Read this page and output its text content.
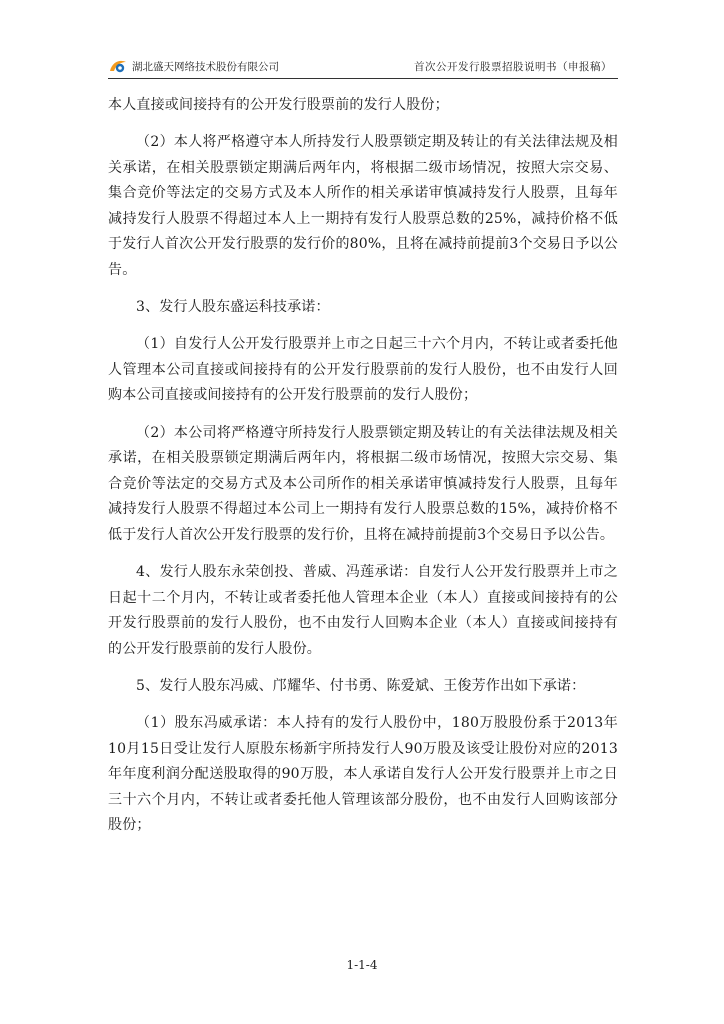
湖北盛天网络技术股份有限公司	首次公开发行股票招股说明书（申报稿）

本人直接或间接持有的公开发行股票前的发行人股份；

（2）本人将严格遵守本人所持发行人股票锁定期及转让的有关法律法规及相关承诺，在相关股票锁定期满后两年内，将根据二级市场情况，按照大宗交易、集合竞价等法定的交易方式及本人所作的相关承诺审慎减持发行人股票，且每年减持发行人股票不得超过本人上一期持有发行人股票总数的25%，减持价格不低于发行人首次公开发行股票的发行价的80%，且将在减持前提前3个交易日予以公告。

3、发行人股东盛运科技承诺：

（1）自发行人公开发行股票并上市之日起三十六个月内，不转让或者委托他人管理本公司直接或间接持有的公开发行股票前的发行人股份，也不由发行人回购本公司直接或间接持有的公开发行股票前的发行人股份；

（2）本公司将严格遵守所持发行人股票锁定期及转让的有关法律法规及相关承诺，在相关股票锁定期满后两年内，将根据二级市场情况，按照大宗交易、集合竞价等法定的交易方式及本公司所作的相关承诺审慎减持发行人股票，且每年减持发行人股票不得超过本公司上一期持有发行人股票总数的15%，减持价格不低于发行人首次公开发行股票的发行价，且将在减持前提前3个交易日予以公告。

4、发行人股东永荣创投、普威、冯莲承诺：自发行人公开发行股票并上市之日起十二个月内，不转让或者委托他人管理本企业（本人）直接或间接持有的公开发行股票前的发行人股份，也不由发行人回购本企业（本人）直接或间接持有的公开发行股票前的发行人股份。

5、发行人股东冯威、邝耀华、付书勇、陈爱斌、王俊芳作出如下承诺：

（1）股东冯威承诺：本人持有的发行人股份中，180万股股份系于2013年10月15日受让发行人原股东杨新宇所持发行人90万股及该受让股份对应的2013年年度利润分配送股取得的90万股，本人承诺自发行人公开发行股票并上市之日三十六个月内，不转让或者委托他人管理该部分股份，也不由发行人回购该部分股份；

1-1-4
